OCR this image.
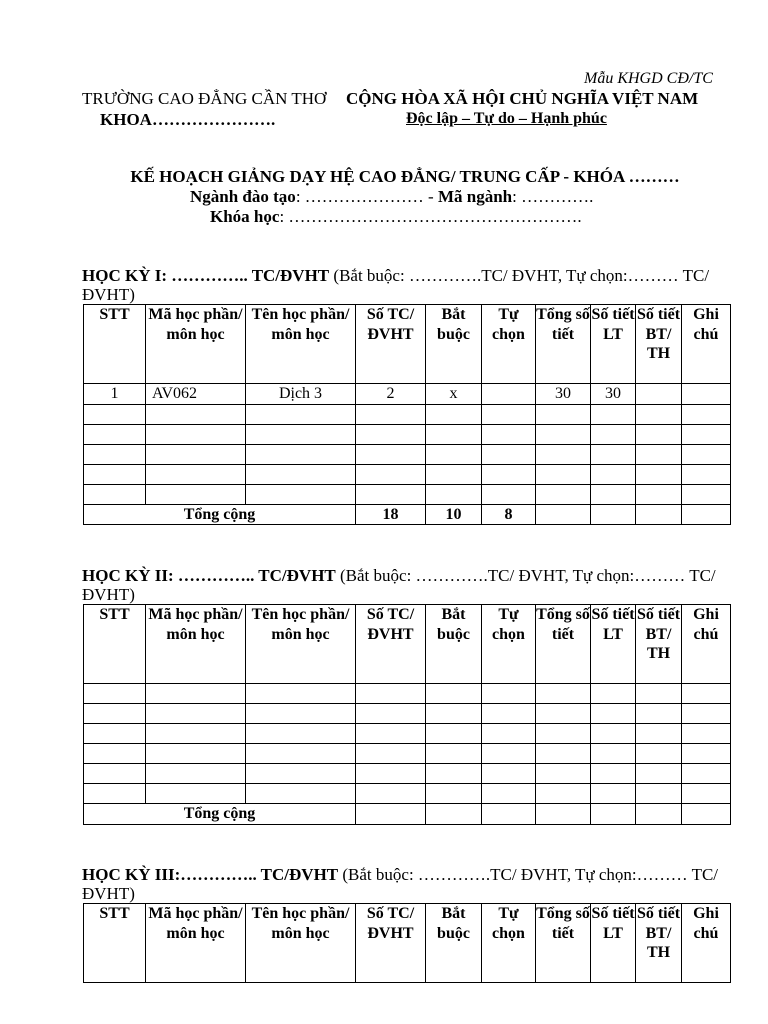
Mẫu KHGD CĐ/TC
TRƯỜNG CAO ĐẲNG CẦN THƠ CỘNG HÒA XÃ HỘI CHỦ NGHĨA VIỆT NAM
KHOA………………….	Độc lập – Tự do – Hạnh phúc
KẾ HOẠCH GIẢNG DẠY HỆ CAO ĐẲNG/ TRUNG CẤP - KHÓA ………
Ngành đào tạo: ………………… - Mã ngành: ………….
Khóa học: …………………………………………….
HỌC KỲ I: ………….. TC/ĐVHT (Bắt buộc: ………….TC/ ĐVHT, Tự chọn:……… TC/ ĐVHT)
STT	Mã học phần/ môn học	Tên học phần/ môn học	Số TC/ ĐVHT	Bắt buộc	Tự chọn	Tổng số tiết	Số tiết LT	Số tiết BT/ TH	Ghi chú
1	AV062	Dịch 3	2	x		30	30		

Tổng cộng			18	10	8				
HỌC KỲ II: ………….. TC/ĐVHT (Bắt buộc: ………….TC/ ĐVHT, Tự chọn:……… TC/ ĐVHT)
STT	Mã học phần/ môn học	Tên học phần/ môn học	Số TC/ ĐVHT	Bắt buộc	Tự chọn	Tổng số tiết	Số tiết LT	Số tiết BT/ TH	Ghi chú

Tổng cộng									
HỌC KỲ III:………….. TC/ĐVHT (Bắt buộc: ………….TC/ ĐVHT, Tự chọn:……… TC/ ĐVHT)
STT	Mã học phần/ môn học	Tên học phần/ môn học	Số TC/ ĐVHT	Bắt buộc	Tự chọn	Tổng số tiết	Số tiết LT	Số tiết BT/ TH	Ghi chú
